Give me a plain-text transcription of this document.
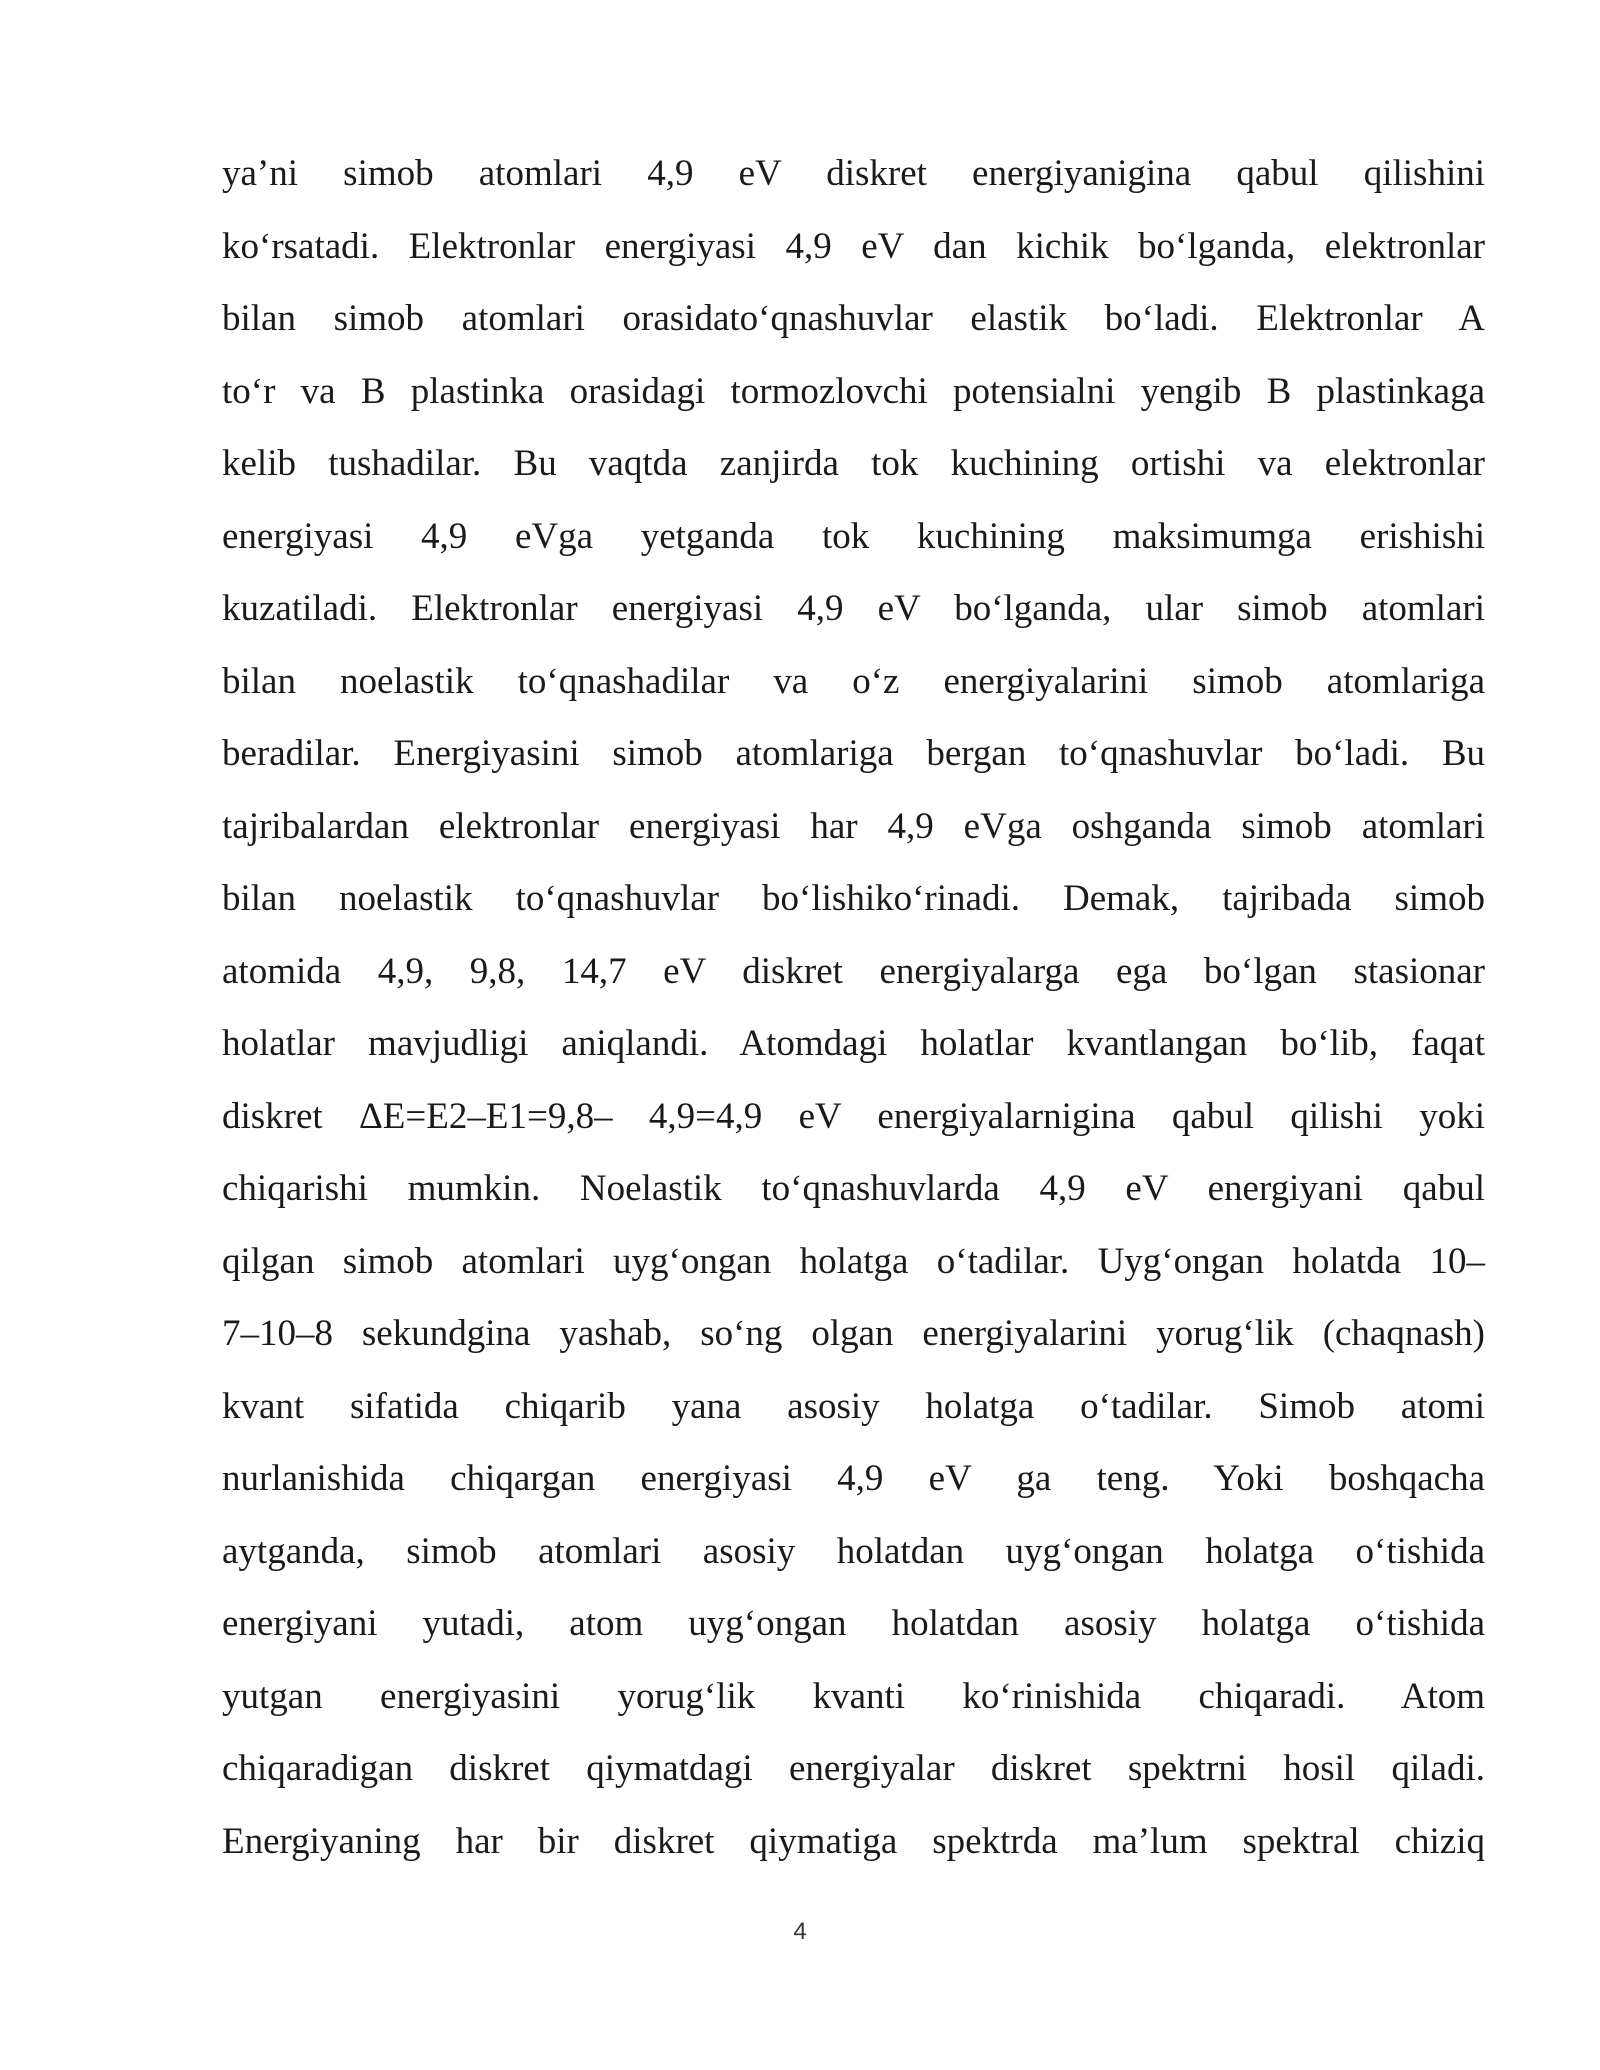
ya’ni simob atomlari 4,9 eV diskret energiyanigina qabul qilishini
ko‘rsatadi. Elektronlar energiyasi 4,9 eV dan kichik bo‘lganda, elektronlar
bilan simob atomlari orasidato‘qnashuvlar elastik bo‘ladi. Elektronlar A
to‘r va B plastinka orasidagi tormozlovchi potensialni yengib B plastinkaga
kelib tushadilar. Bu vaqtda zanjirda tok kuchining ortishi va elektronlar
energiyasi 4,9 eVga yetganda tok kuchining maksimumga erishishi
kuzatiladi. Elektronlar energiyasi 4,9 eV bo‘lganda, ular simob atomlari
bilan noelastik to‘qnashadilar va o‘z energiyalarini simob atomlariga
beradilar. Energiyasini simob atomlariga bergan to‘qnashuvlar bo‘ladi. Bu
tajribalardan elektronlar energiyasi har 4,9 eVga oshganda simob atomlari
bilan noelastik to‘qnashuvlar bo‘lishiko‘rinadi. Demak, tajribada simob
atomida 4,9, 9,8, 14,7 eV diskret energiyalarga ega bo‘lgan stasionar
holatlar mavjudligi aniqlandi. Atomdagi holatlar kvantlangan bo‘lib, faqat
diskret ΔE=E2–E1=9,8– 4,9=4,9 eV energiyalarnigina qabul qilishi yoki
chiqarishi mumkin. Noelastik to‘qnashuvlarda 4,9 eV energiyani qabul
qilgan simob atomlari uyg‘ongan holatga o‘tadilar. Uyg‘ongan holatda 10–
7–10–8 sekundgina yashab, so‘ng olgan energiyalarini yorug‘lik (chaqnash)
kvant sifatida chiqarib yana asosiy holatga o‘tadilar. Simob atomi
nurlanishida chiqargan energiyasi 4,9 eV ga teng. Yoki boshqacha
aytganda, simob atomlari asosiy holatdan uyg‘ongan holatga o‘tishida
energiyani yutadi, atom uyg‘ongan holatdan asosiy holatga o‘tishida
yutgan energiyasini yorug‘lik kvanti ko‘rinishida chiqaradi. Atom
chiqaradigan diskret qiymatdagi energiyalar diskret spektrni hosil qiladi.
Energiyaning har bir diskret qiymatiga spektrda ma’lum spektral chiziq
4
